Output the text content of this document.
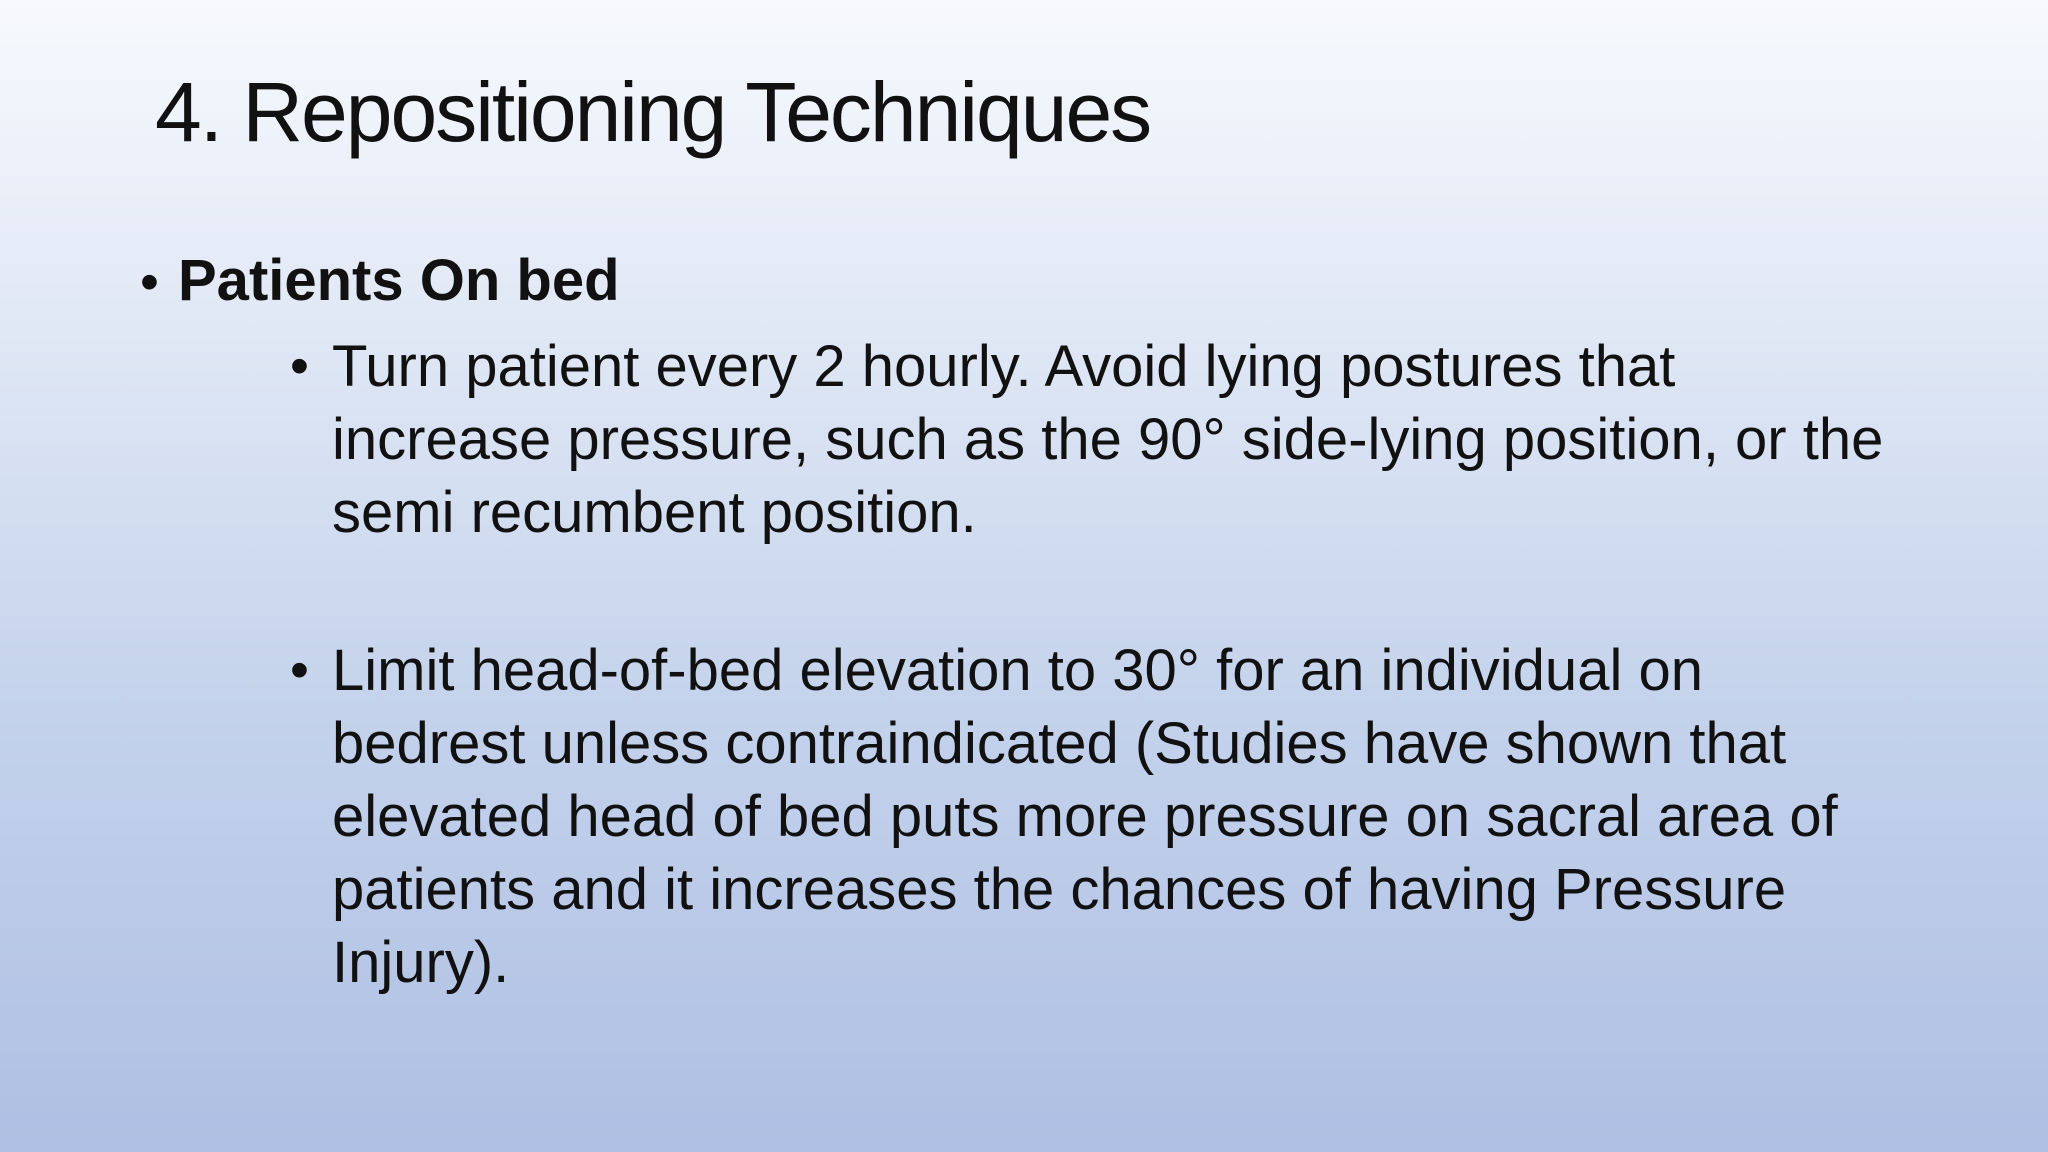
4. Repositioning Techniques
• Patients On bed
• Turn patient every 2 hourly. Avoid lying postures that increase pressure, such as the 90° side-lying position, or the semi recumbent position.
• Limit head-of-bed elevation to 30° for an individual on bedrest unless contraindicated (Studies have shown that elevated head of bed puts more pressure on sacral area of patients and it increases the chances of having Pressure Injury).
